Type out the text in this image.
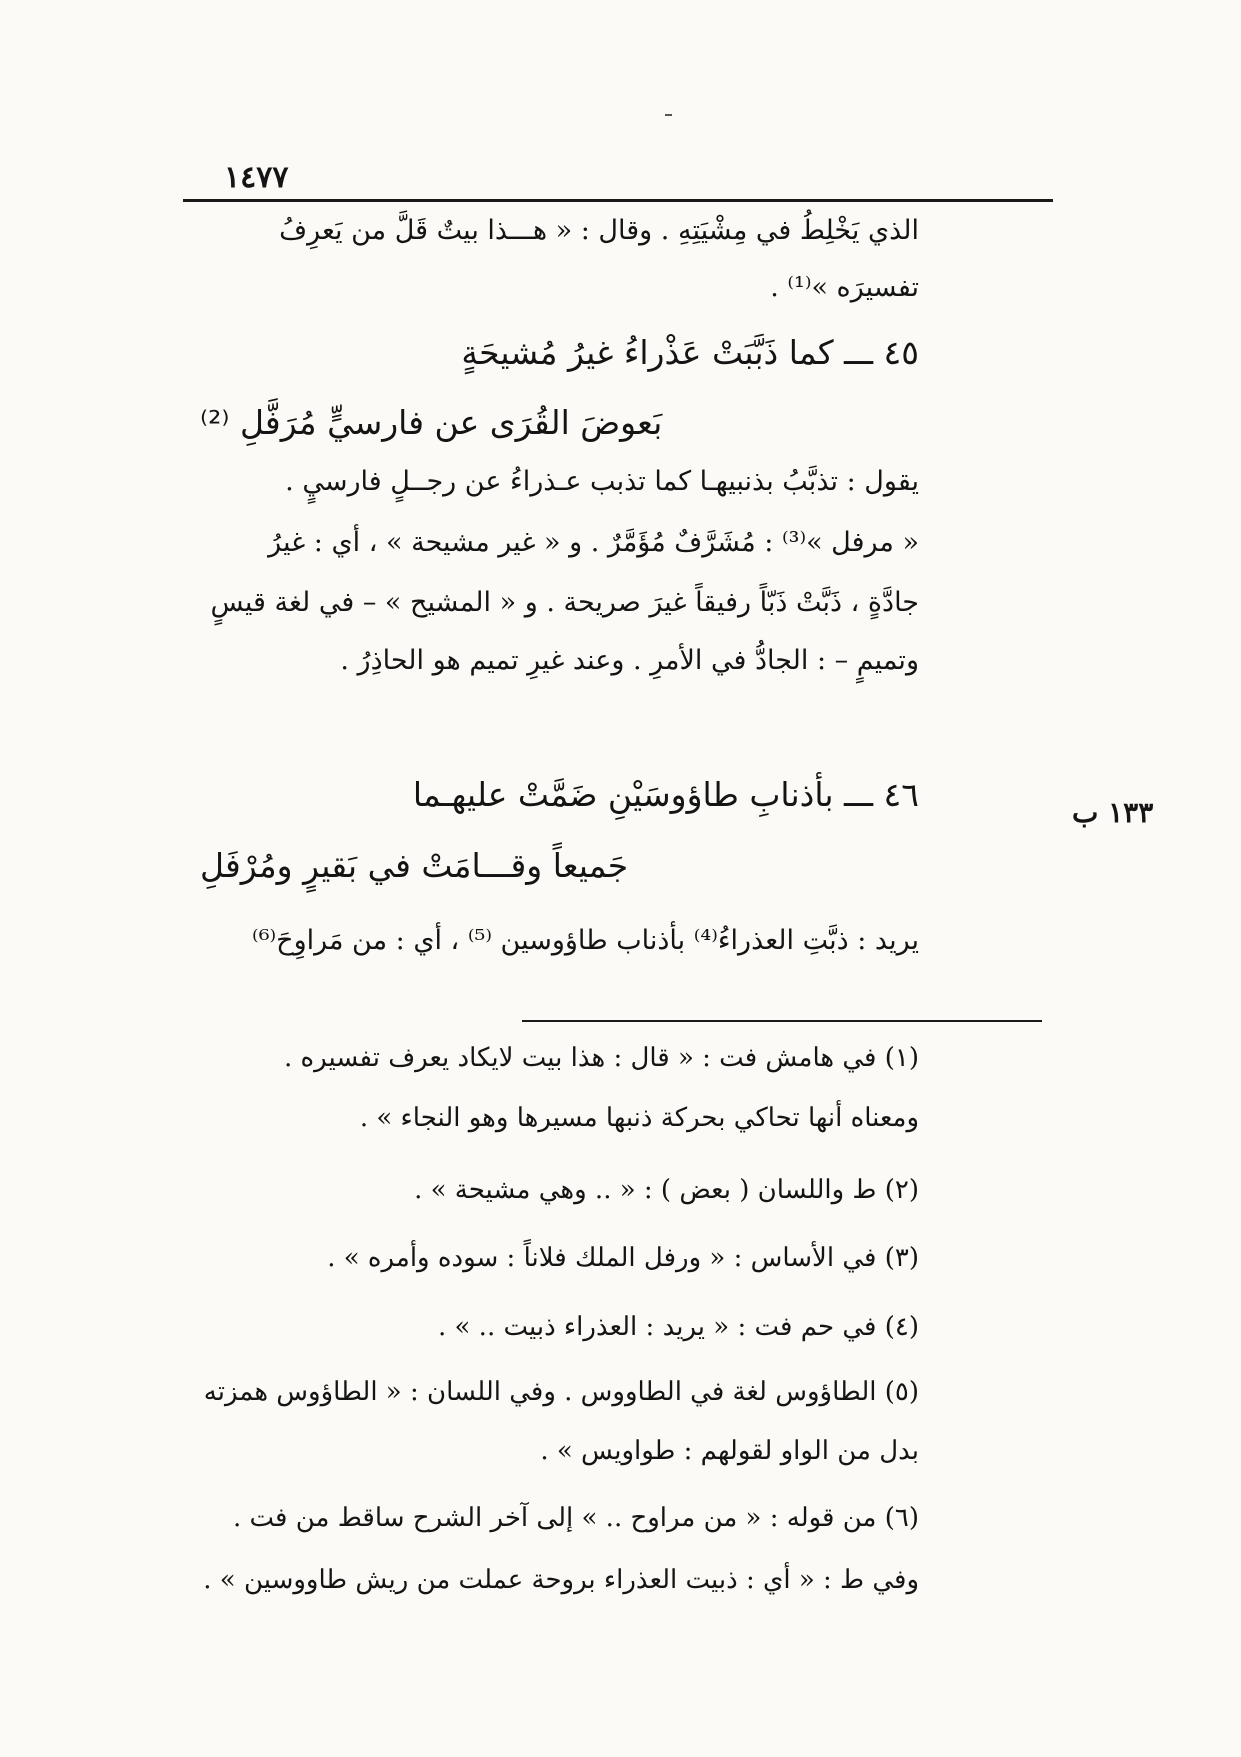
١٤٧٧
الذي يَخْلِطُ في مِشْيَتِهِ . وقال : « هـــذا بيتٌ قَلَّ من يَعرِفُ
تفسيرَه »⁽¹⁾ .
٤٥ ـــ كما ذَبَّبَتْ عَذْراءُ غيرُ مُشيحَةٍ
بَعوضَ القُرَى عن فارسيٍّ مُرَفَّلِ ⁽²⁾
يقول : تذبَّبُ بذنبيهـا كما تذبب عـذراءُ عن رجــلٍ فارسيٍ .
« مرفل »⁽³⁾ : مُشَرَّفٌ مُؤَمَّرٌ . و « غير مشيحة » ، أي : غيرُ
جادَّةٍ ، ذَبَّتْ ذَبّاً رفيقاً غيرَ صريحة . و « المشيح » – في لغة قيسٍ
وتميمٍ – : الجادُّ في الأمرِ . وعند غيرِ تميم هو الحاذِرُ .
١٣٣ ب
٤٦ ـــ بأذنابِ طاؤوسَيْنِ ضَمَّتْ عليهـما
جَميعاً وقـــامَتْ في بَقيرٍ ومُرْفَلِ
يريد : ذبَّتِ العذراءُ⁽⁴⁾ بأذناب طاؤوسين ⁽⁵⁾ ، أي : من مَراوِحَ⁽⁶⁾
(١) في هامش فت : « قال : هذا بيت لايكاد يعرف تفسيره .
ومعناه أنها تحاكي بحركة ذنبها مسيرها وهو النجاء » .
(٢) ط واللسان ( بعض ) : « .. وهي مشيحة » .
(٣) في الأساس : « ورفل الملك فلاناً : سوده وأمره » .
(٤) في حم فت : « يريد : العذراء ذبيت .. » .
(٥) الطاؤوس لغة في الطاووس . وفي اللسان : « الطاؤوس همزته
بدل من الواو لقولهم : طواويس » .
(٦) من قوله : « من مراوح .. » إلى آخر الشرح ساقط من فت .
وفي ط : « أي : ذبيت العذراء بروحة عملت من ريش طاووسين » .
